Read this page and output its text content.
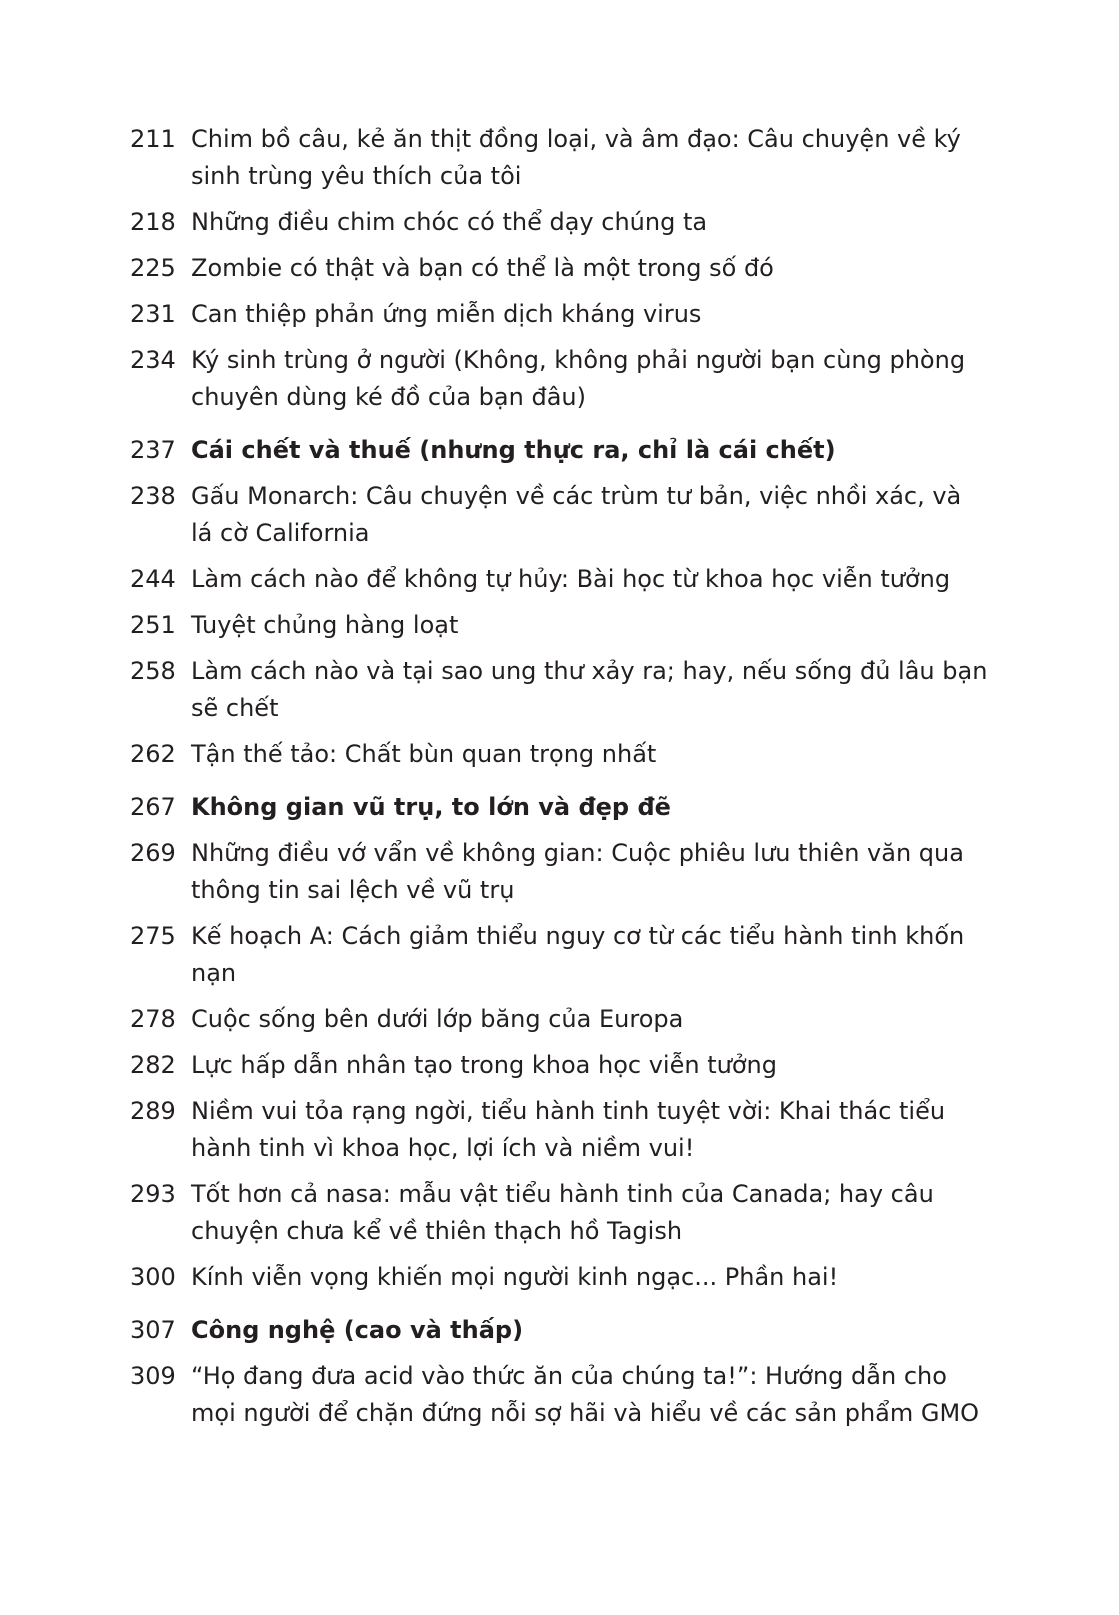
211 Chim bồ câu, kẻ ăn thịt đồng loại, và âm đạo: Câu chuyện về ký sinh trùng yêu thích của tôi
218 Những điều chim chóc có thể dạy chúng ta
225 Zombie có thật và bạn có thể là một trong số đó
231 Can thiệp phản ứng miễn dịch kháng virus
234 Ký sinh trùng ở người (Không, không phải người bạn cùng phòng chuyên dùng ké đồ của bạn đâu)
237 Cái chết và thuế (nhưng thực ra, chỉ là cái chết)
238 Gấu Monarch: Câu chuyện về các trùm tư bản, việc nhồi xác, và lá cờ California
244 Làm cách nào để không tự hủy: Bài học từ khoa học viễn tưởng
251 Tuyệt chủng hàng loạt
258 Làm cách nào và tại sao ung thư xảy ra; hay, nếu sống đủ lâu bạn sẽ chết
262 Tận thế tảo: Chất bùn quan trọng nhất
267 Không gian vũ trụ, to lớn và đẹp đẽ
269 Những điều vớ vẩn về không gian: Cuộc phiêu lưu thiên văn qua thông tin sai lệch về vũ trụ
275 Kế hoạch A: Cách giảm thiểu nguy cơ từ các tiểu hành tinh khốn nạn
278 Cuộc sống bên dưới lớp băng của Europa
282 Lực hấp dẫn nhân tạo trong khoa học viễn tưởng
289 Niềm vui tỏa rạng ngời, tiểu hành tinh tuyệt vời: Khai thác tiểu hành tinh vì khoa học, lợi ích và niềm vui!
293 Tốt hơn cả nasa: mẫu vật tiểu hành tinh của Canada; hay câu chuyện chưa kể về thiên thạch hồ Tagish
300 Kính viễn vọng khiến mọi người kinh ngạc... Phần hai!
307 Công nghệ (cao và thấp)
309 “Họ đang đưa acid vào thức ăn của chúng ta!”: Hướng dẫn cho mọi người để chặn đứng nỗi sợ hãi và hiểu về các sản phẩm GMO
